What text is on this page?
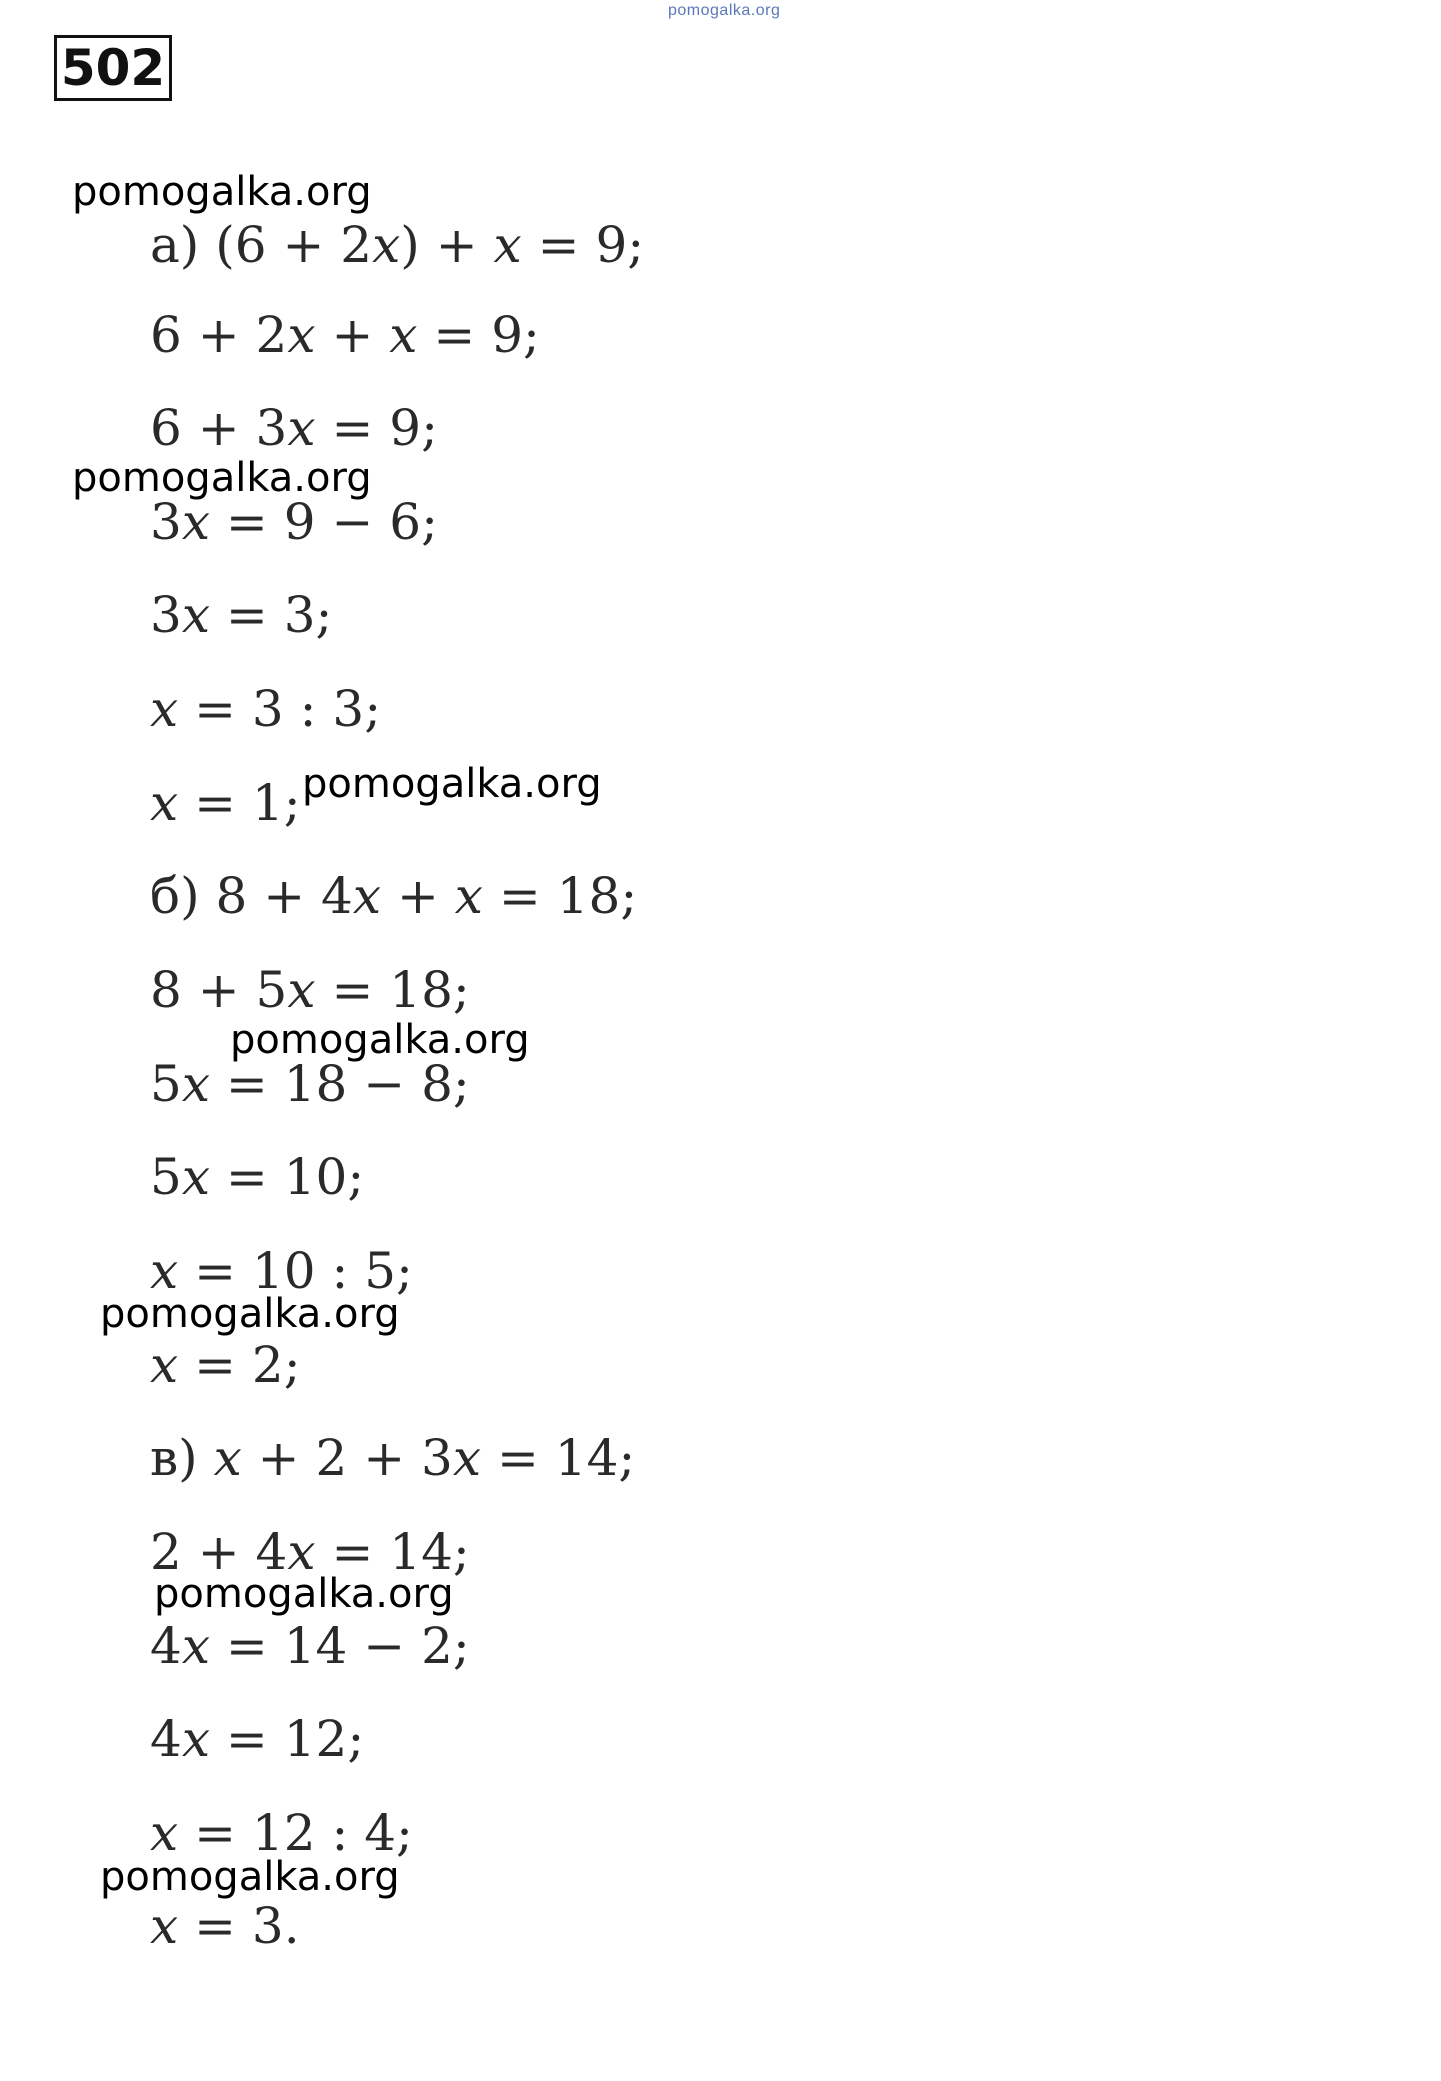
pomogalka.org
502
а) (6 + 2x) + x = 9;
6 + 2x + x = 9;
6 + 3x = 9;
3x = 9 − 6;
3x = 3;
x = 3 : 3;
x = 1;
б) 8 + 4x + x = 18;
8 + 5x = 18;
5x = 18 − 8;
5x = 10;
x = 10 : 5;
x = 2;
в) x + 2 + 3x = 14;
2 + 4x = 14;
4x = 14 − 2;
4x = 12;
x = 12 : 4;
x = 3.
pomogalka.org
pomogalka.org
pomogalka.org
pomogalka.org
pomogalka.org
pomogalka.org
pomogalka.org
